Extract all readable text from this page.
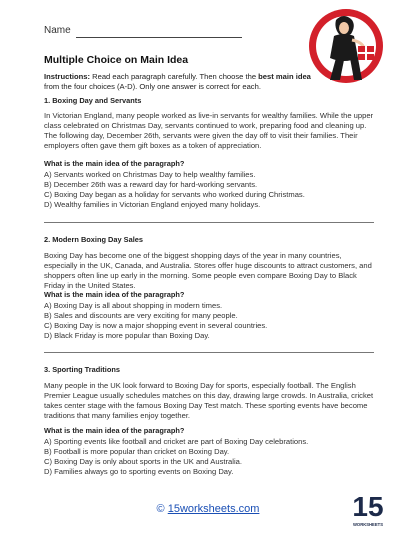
Name
Multiple Choice on Main Idea
Instructions: Read each paragraph carefully. Then choose the best main idea from the four choices (A-D). Only one answer is correct for each.
1. Boxing Day and Servants
In Victorian England, many people worked as live-in servants for wealthy families. While the upper class celebrated on Christmas Day, servants continued to work, preparing food and cleaning up. The following day, December 26th, servants were given the day off to visit their families. Their employers often gave them gift boxes as a token of appreciation.
What is the main idea of the paragraph?
A) Servants worked on Christmas Day to help wealthy families.
B) December 26th was a reward day for hard-working servants.
C) Boxing Day began as a holiday for servants who worked during Christmas.
D) Wealthy families in Victorian England enjoyed many holidays.
2. Modern Boxing Day Sales
Boxing Day has become one of the biggest shopping days of the year in many countries, especially in the UK, Canada, and Australia. Stores offer huge discounts to attract customers, and shoppers often line up early in the morning. Some people even compare Boxing Day to Black Friday in the United States.
What is the main idea of the paragraph?
A) Boxing Day is all about shopping in modern times.
B) Sales and discounts are very exciting for many people.
C) Boxing Day is now a major shopping event in several countries.
D) Black Friday is more popular than Boxing Day.
3. Sporting Traditions
Many people in the UK look forward to Boxing Day for sports, especially football. The English Premier League usually schedules matches on this day, drawing large crowds. In Australia, cricket takes center stage with the famous Boxing Day Test match. These sporting events have become traditions that many families enjoy together.
What is the main idea of the paragraph?
A) Sporting events like football and cricket are part of Boxing Day celebrations.
B) Football is more popular than cricket on Boxing Day.
C) Boxing Day is only about sports in the UK and Australia.
D) Families always go to sporting events on Boxing Day.
© 15worksheets.com	15
WORKSHEETS
